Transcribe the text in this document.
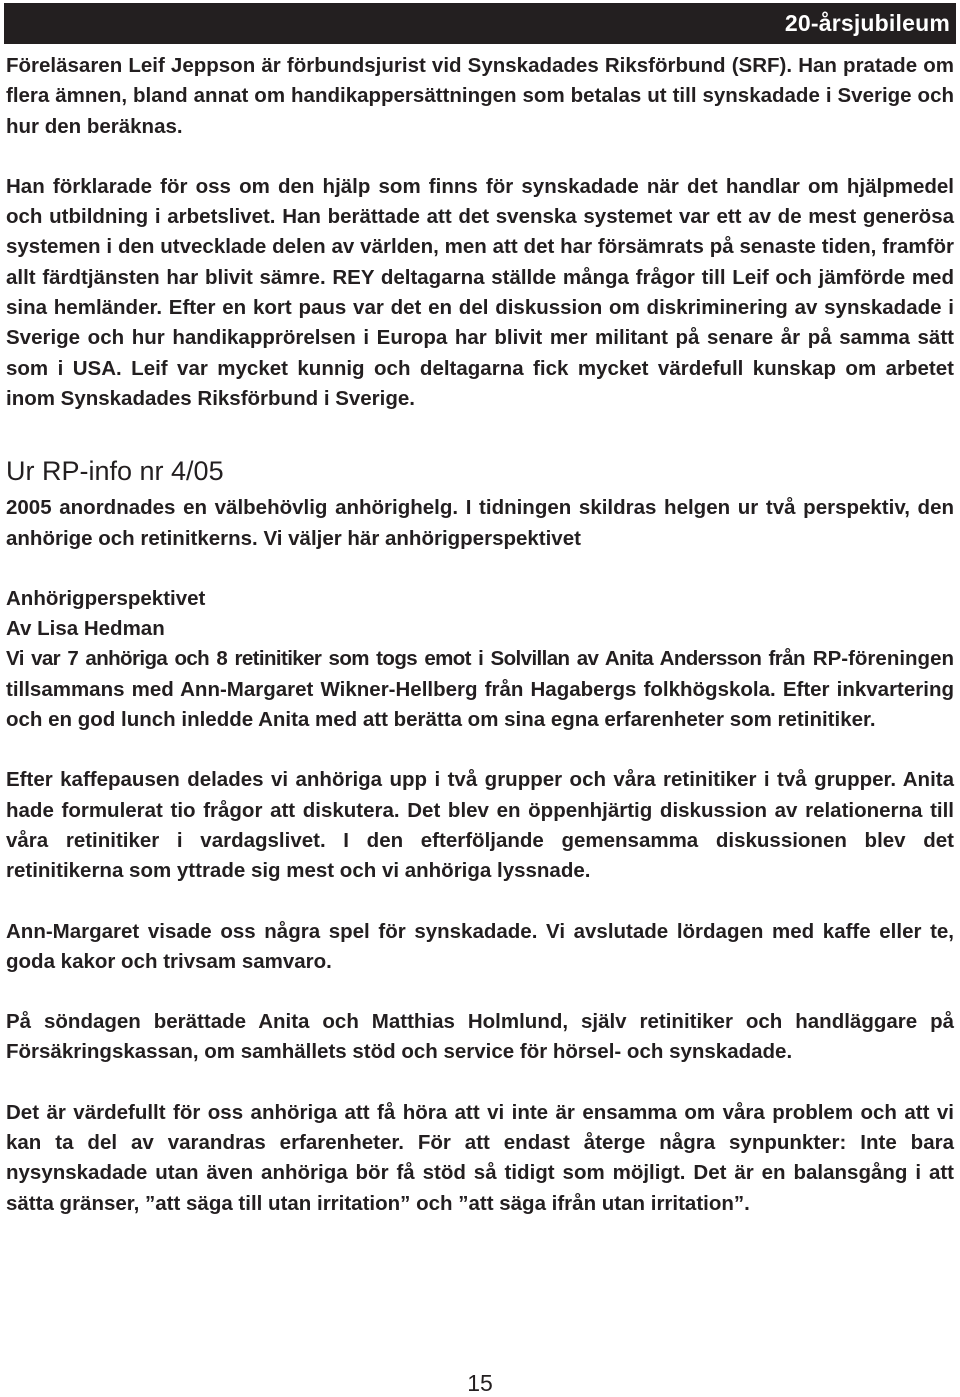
20-årsjubileum

Föreläsaren Leif Jeppson är förbundsjurist vid Synskadades Riksförbund (SRF). Han pratade om flera ämnen, bland annat om handikappersättningen som betalas ut till synskadade i Sverige och hur den beräknas.

Han förklarade för oss om den hjälp som finns för synskadade när det handlar om hjälpmedel och utbildning i arbetslivet. Han berättade att det svenska systemet var ett av de mest generösa systemen i den utvecklade delen av världen, men att det har försämrats på senaste tiden, framför allt färdtjänsten har blivit sämre. REY deltagarna ställde många frågor till Leif och jämförde med sina hemländer. Efter en kort paus var det en del diskussion om diskriminering av synskadade i Sverige och hur handikapprörelsen i Europa har blivit mer militant på senare år på samma sätt som i USA. Leif var mycket kunnig och deltagarna fick mycket värdefull kunskap om arbetet inom Synskadades Riksförbund i Sverige.

Ur RP-info nr 4/05

2005 anordnades en välbehövlig anhörighelg. I tidningen skildras helgen ur två perspektiv, den anhörige och retinitkerns. Vi väljer här anhörigperspektivet

Anhörigperspektivet

Av Lisa Hedman

Vi var 7 anhöriga och 8 retinitiker som togs emot i Solvillan av Anita Andersson från RP-föreningen tillsammans med Ann-Margaret Wikner-Hellberg från Hagabergs folkhögskola. Efter inkvartering och en god lunch inledde Anita med att berätta om sina egna erfarenheter som retinitiker.

Efter kaffepausen delades vi anhöriga upp i två grupper och våra retinitiker i två grupper. Anita hade formulerat tio frågor att diskutera. Det blev en öppenhjärtig diskussion av relationerna till våra retinitiker i vardagslivet. I den efterföljande gemensamma diskussionen blev det retinitikerna som yttrade sig mest och vi anhöriga lyssnade.

Ann-Margaret visade oss några spel för synskadade. Vi avslutade lördagen med kaffe eller te, goda kakor och trivsam samvaro.

På söndagen berättade Anita och Matthias Holmlund, själv retinitiker och handläggare på Försäkringskassan, om samhällets stöd och service för hörsel- och synskadade.

Det är värdefullt för oss anhöriga att få höra att vi inte är ensamma om våra problem och att vi kan ta del av varandras erfarenheter. För att endast återge några synpunkter: Inte bara nysynskadade utan även anhöriga bör få stöd så tidigt som möjligt. Det är en balansgång i att sätta gränser, ”att säga till utan irritation” och ”att säga ifrån utan irritation”.

15
